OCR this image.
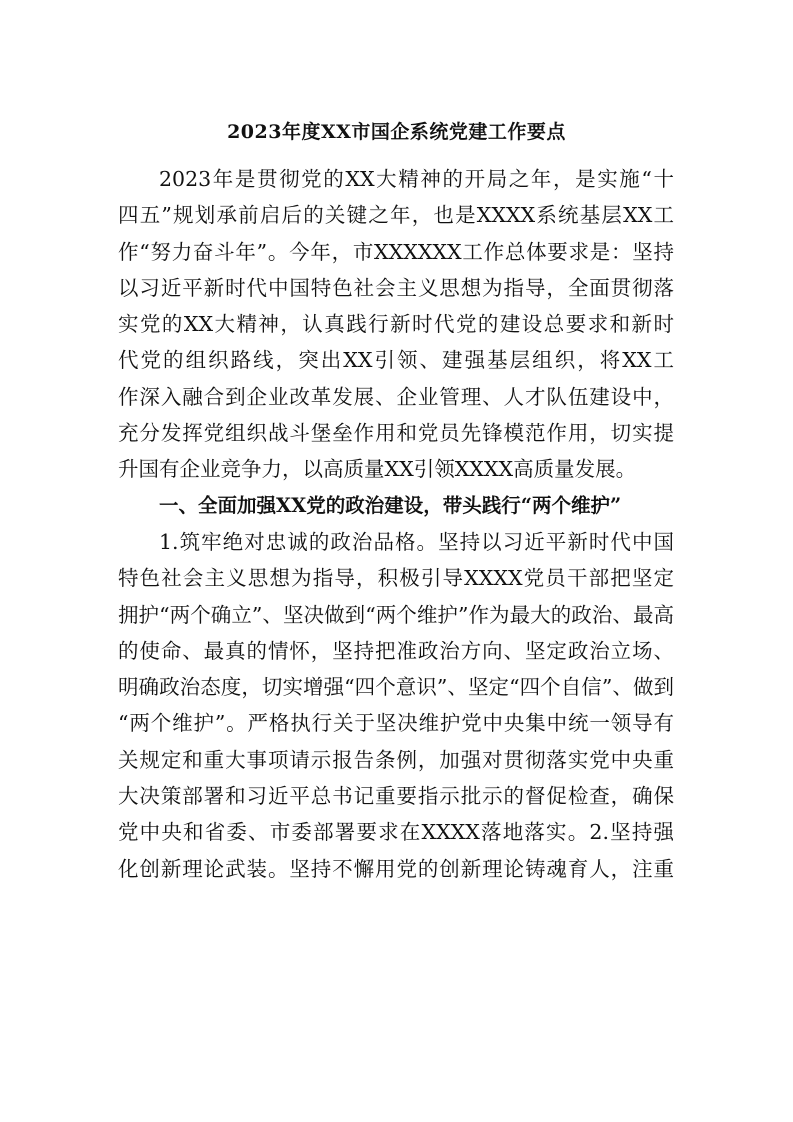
2023年度XX市国企系统党建工作要点
2023年是贯彻党的XX大精神的开局之年，是实施“十
四五”规划承前启后的关键之年，也是XXXX系统基层XX工
作“努力奋斗年”。今年，市XXXXXX工作总体要求是：坚持
以习近平新时代中国特色社会主义思想为指导，全面贯彻落
实党的XX大精神，认真践行新时代党的建设总要求和新时
代党的组织路线，突出XX引领、建强基层组织，将XX工
作深入融合到企业改革发展、企业管理、人才队伍建设中，
充分发挥党组织战斗堡垒作用和党员先锋模范作用，切实提
升国有企业竞争力，以高质量XX引领XXXX高质量发展。
一、全面加强XX党的政治建设，带头践行“两个维护”
1.筑牢绝对忠诚的政治品格。坚持以习近平新时代中国
特色社会主义思想为指导，积极引导XXXX党员干部把坚定
拥护“两个确立”、坚决做到“两个维护”作为最大的政治、最高
的使命、最真的情怀，坚持把准政治方向、坚定政治立场、
明确政治态度，切实增强“四个意识”、坚定“四个自信”、做到
“两个维护”。严格执行关于坚决维护党中央集中统一领导有
关规定和重大事项请示报告条例，加强对贯彻落实党中央重
大决策部署和习近平总书记重要指示批示的督促检查，确保
党中央和省委、市委部署要求在XXXX落地落实。2.坚持强
化创新理论武装。坚持不懈用党的创新理论铸魂育人，注重
